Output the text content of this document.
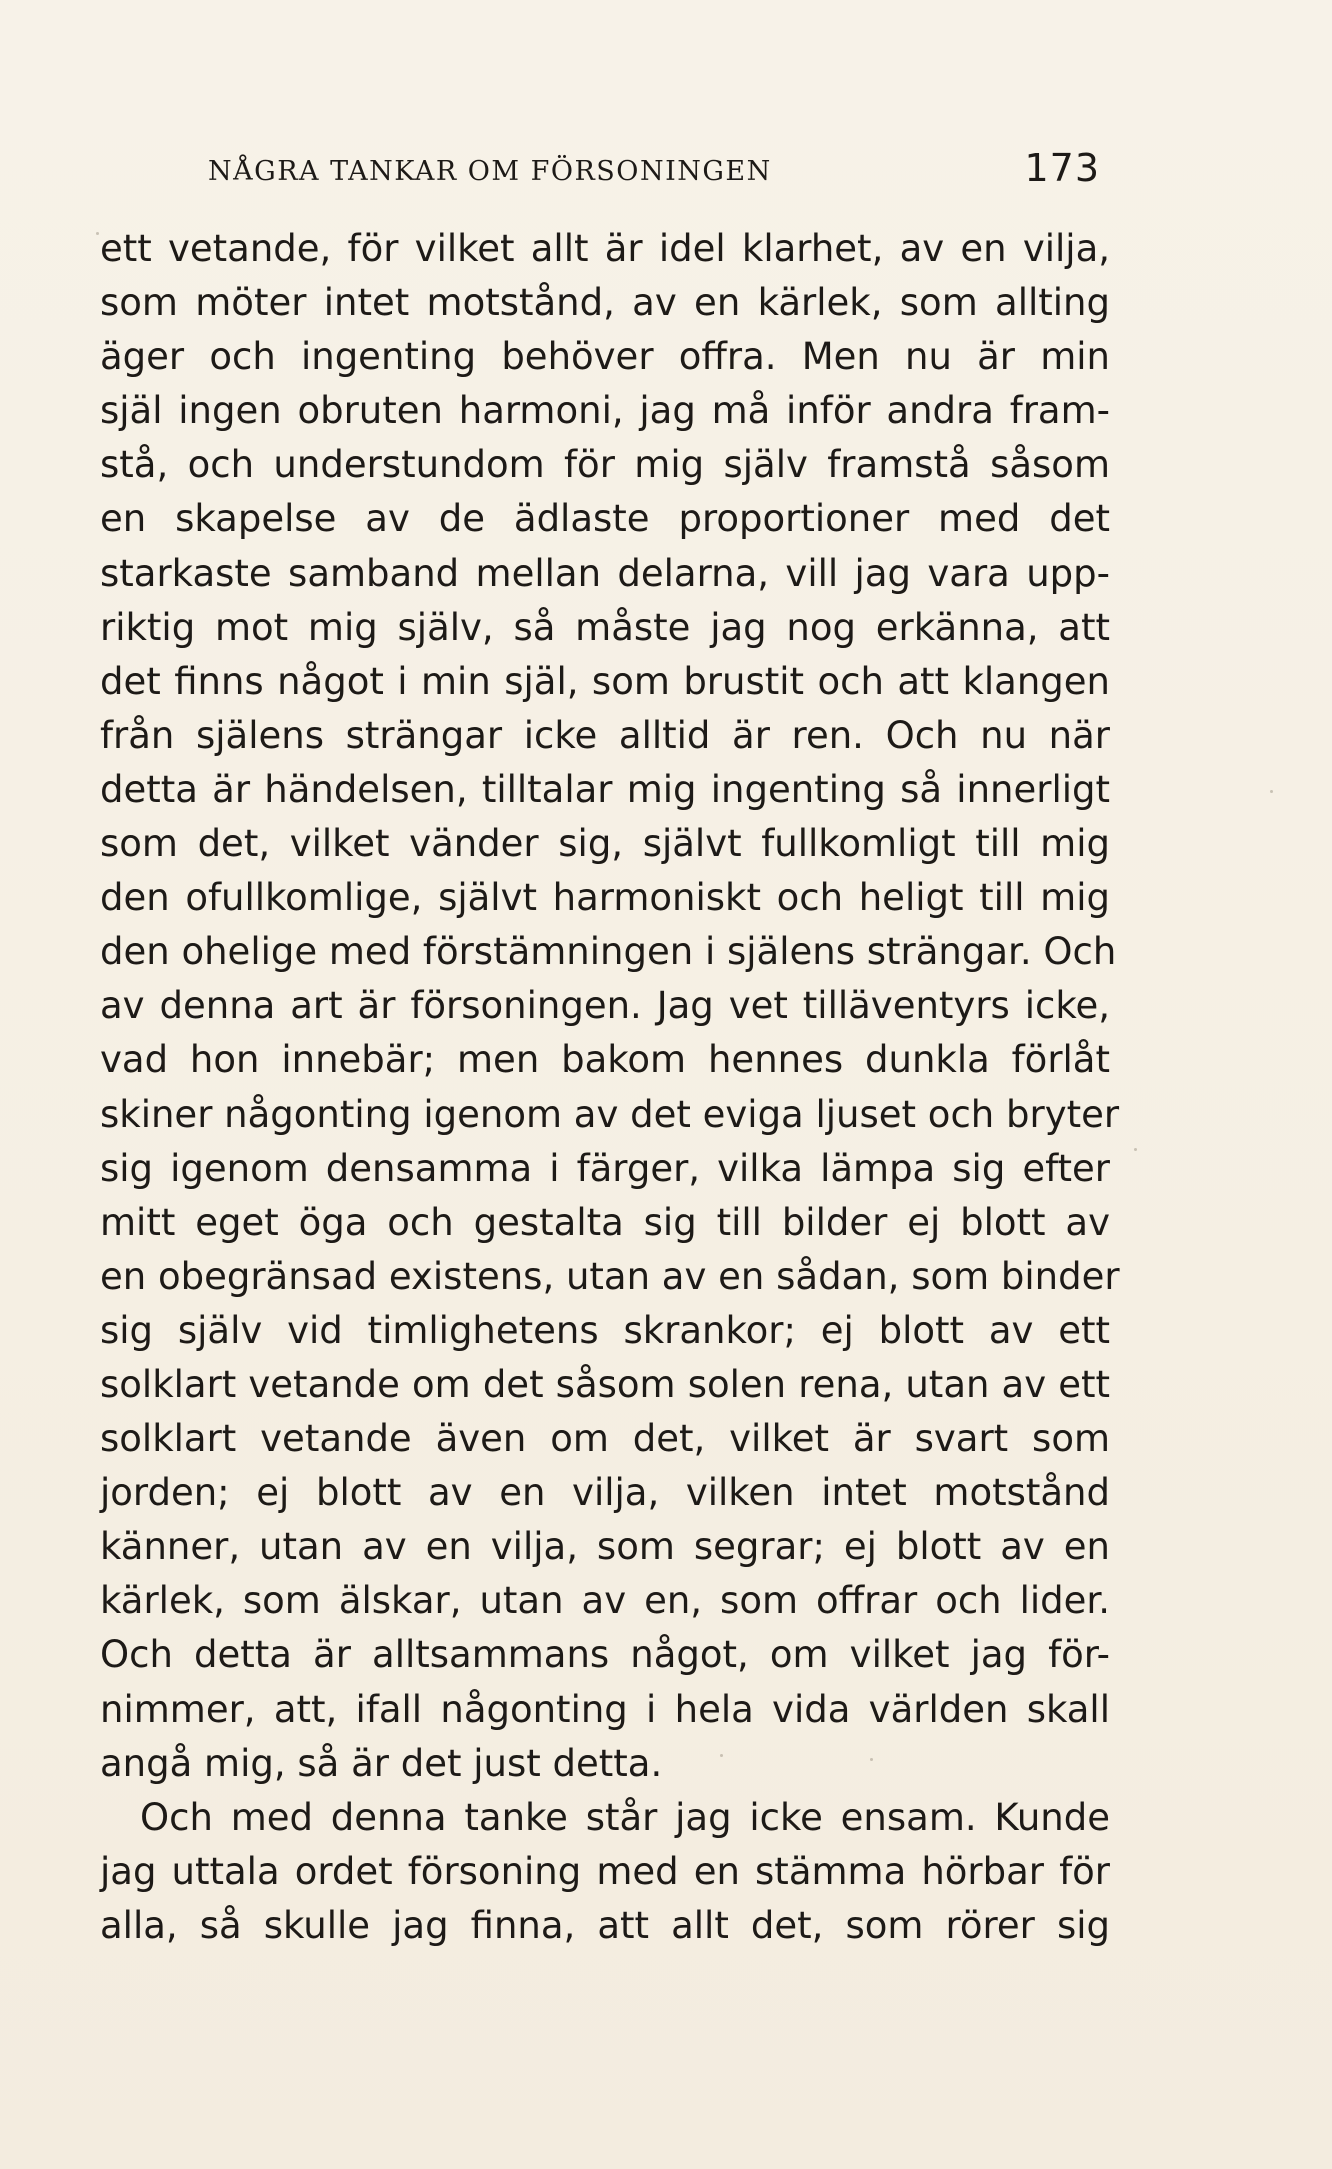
NÅGRA TANKAR OM FÖRSONINGEN	173
ett vetande, för vilket allt är idel klarhet, av en vilja,
som möter intet motstånd, av en kärlek, som allting
äger och ingenting behöver offra. Men nu är min
själ ingen obruten harmoni, jag må inför andra fram-
stå, och understundom för mig själv framstå såsom
en skapelse av de ädlaste proportioner med det
starkaste samband mellan delarna, vill jag vara upp-
riktig mot mig själv, så måste jag nog erkänna, att
det finns något i min själ, som brustit och att klangen
från själens strängar icke alltid är ren. Och nu när
detta är händelsen, tilltalar mig ingenting så innerligt
som det, vilket vänder sig, självt fullkomligt till mig
den ofullkomlige, självt harmoniskt och heligt till mig
den ohelige med förstämningen i själens strängar. Och
av denna art är försoningen. Jag vet tilläventyrs icke,
vad hon innebär; men bakom hennes dunkla förlåt
skiner någonting igenom av det eviga ljuset och bryter
sig igenom densamma i färger, vilka lämpa sig efter
mitt eget öga och gestalta sig till bilder ej blott av
en obegränsad existens, utan av en sådan, som binder
sig själv vid timlighetens skrankor; ej blott av ett
solklart vetande om det såsom solen rena, utan av ett
solklart vetande även om det, vilket är svart som
jorden; ej blott av en vilja, vilken intet motstånd
känner, utan av en vilja, som segrar; ej blott av en
kärlek, som älskar, utan av en, som offrar och lider.
Och detta är alltsammans något, om vilket jag för-
nimmer, att, ifall någonting i hela vida världen skall
angå mig, så är det just detta.
Och med denna tanke står jag icke ensam. Kunde
jag uttala ordet försoning med en stämma hörbar för
alla, så skulle jag finna, att allt det, som rörer sig
